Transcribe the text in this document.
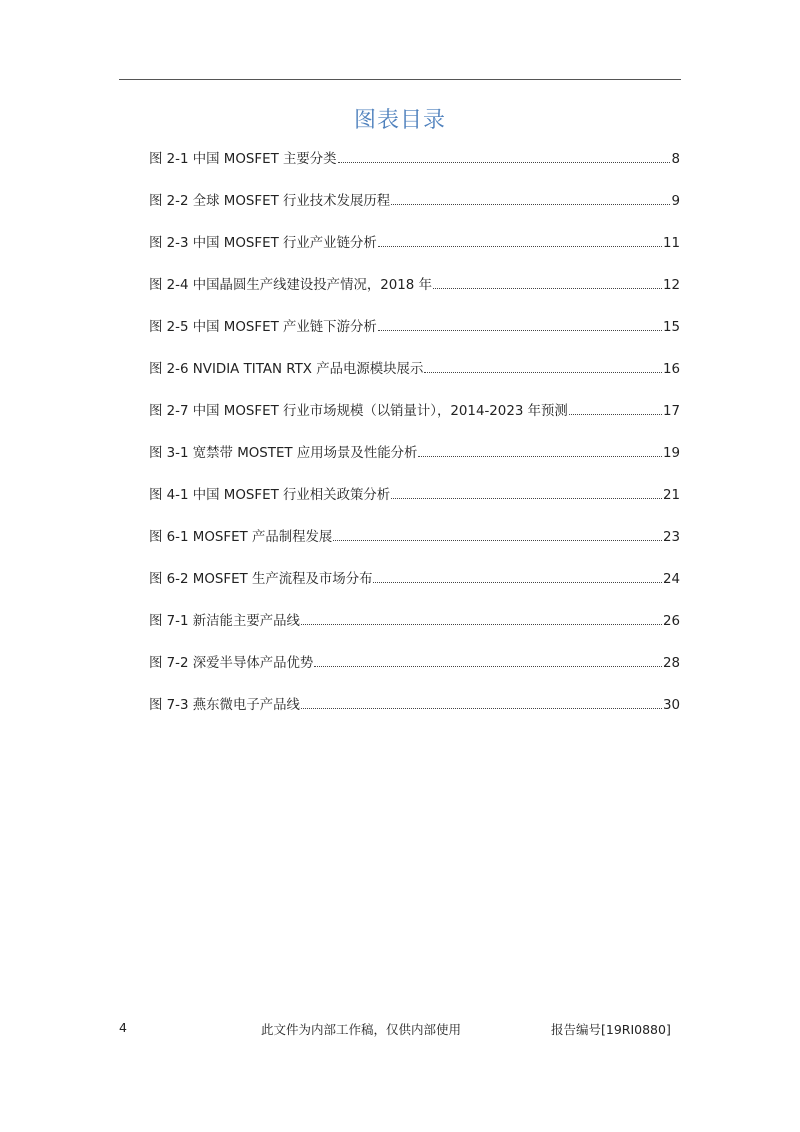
图表目录
图 2-1 中国 MOSFET 主要分类	8
图 2-2 全球 MOSFET 行业技术发展历程	9
图 2-3 中国 MOSFET 行业产业链分析	11
图 2-4 中国晶圆生产线建设投产情况，2018 年	12
图 2-5 中国 MOSFET 产业链下游分析	15
图 2-6 NVIDIA TITAN RTX 产品电源模块展示	16
图 2-7 中国 MOSFET 行业市场规模（以销量计），2014-2023 年预测	17
图 3-1 宽禁带 MOSTET 应用场景及性能分析	19
图 4-1 中国 MOSFET 行业相关政策分析	21
图 6-1 MOSFET 产品制程发展	23
图 6-2 MOSFET 生产流程及市场分布	24
图 7-1 新洁能主要产品线	26
图 7-2 深爱半导体产品优势	28
图 7-3 燕东微电子产品线	30
4	此文件为内部工作稿，仅供内部使用	报告编号[19RI0880]
